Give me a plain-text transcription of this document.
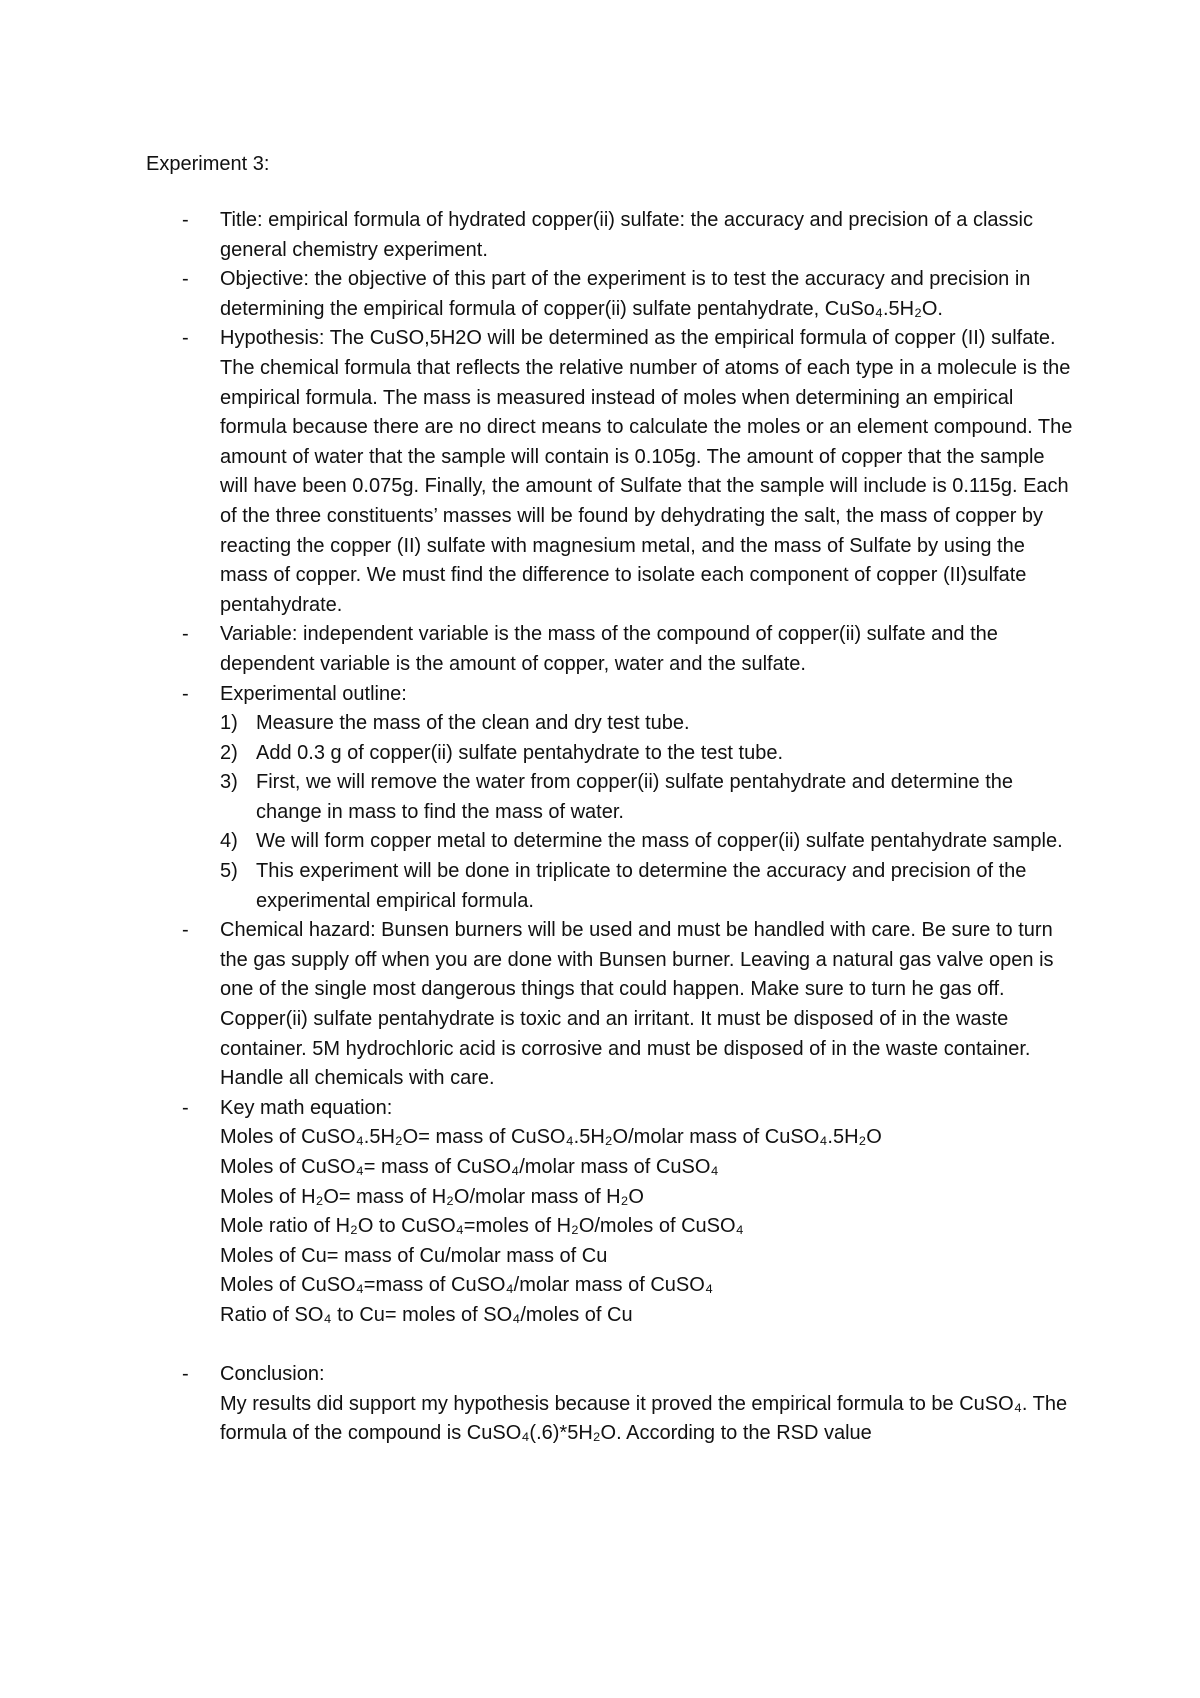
Experiment 3:
- Title: empirical formula of hydrated copper(ii) sulfate: the accuracy and precision of a classic general chemistry experiment.

- Objective: the objective of this part of the experiment is to test the accuracy and precision in determining the empirical formula of copper(ii) sulfate pentahydrate, CuSo₄.5H₂O.

- Hypothesis: The CuSO,5H2O will be determined as the empirical formula of copper (II) sulfate. The chemical formula that reflects the relative number of atoms of each type in a molecule is the empirical formula. The mass is measured instead of moles when determining an empirical formula because there are no direct means to calculate the moles or an element compound. The amount of water that the sample will contain is 0.105g. The amount of copper that the sample will have been 0.075g. Finally, the amount of Sulfate that the sample will include is 0.115g. Each of the three constituents’ masses will be found by dehydrating the salt, the mass of copper by reacting the copper (II) sulfate with magnesium metal, and the mass of Sulfate by using the mass of copper. We must find the difference to isolate each component of copper (II)sulfate pentahydrate.

- Variable: independent variable is the mass of the compound of copper(ii) sulfate and the dependent variable is the amount of copper, water and the sulfate.

- Experimental outline:

1) Measure the mass of the clean and dry test tube.
2) Add 0.3 g of copper(ii) sulfate pentahydrate to the test tube.
3) First, we will remove the water from copper(ii) sulfate pentahydrate and determine the change in mass to find the mass of water.
4) We will form copper metal to determine the mass of copper(ii) sulfate pentahydrate sample.
5) This experiment will be done in triplicate to determine the accuracy and precision of the experimental empirical formula.
- Chemical hazard: Bunsen burners will be used and must be handled with care. Be sure to turn the gas supply off when you are done with Bunsen burner. Leaving a natural gas valve open is one of the single most dangerous things that could happen. Make sure to turn he gas off. Copper(ii) sulfate pentahydrate is toxic and an irritant. It must be disposed of in the waste container. 5M hydrochloric acid is corrosive and must be disposed of in the waste container. Handle all chemicals with care.

- Key math equation:

Moles of CuSO₄.5H₂O= mass of CuSO₄.5H₂O/molar mass of CuSO₄.5H₂O
Moles of CuSO₄= mass of CuSO₄/molar mass of CuSO₄
Moles of H₂O= mass of H₂O/molar mass of H₂O
Mole ratio of H₂O to CuSO₄=moles of H₂O/moles of CuSO₄
Moles of Cu= mass of Cu/molar mass of Cu
Moles of CuSO₄=mass of CuSO₄/molar mass of CuSO₄
Ratio of SO₄ to Cu= moles of SO₄/moles of Cu
- Conclusion:

My results did support my hypothesis because it proved the empirical formula to be CuSO₄. The formula of the compound is CuSO₄(.6)*5H₂O. According to the RSD value
